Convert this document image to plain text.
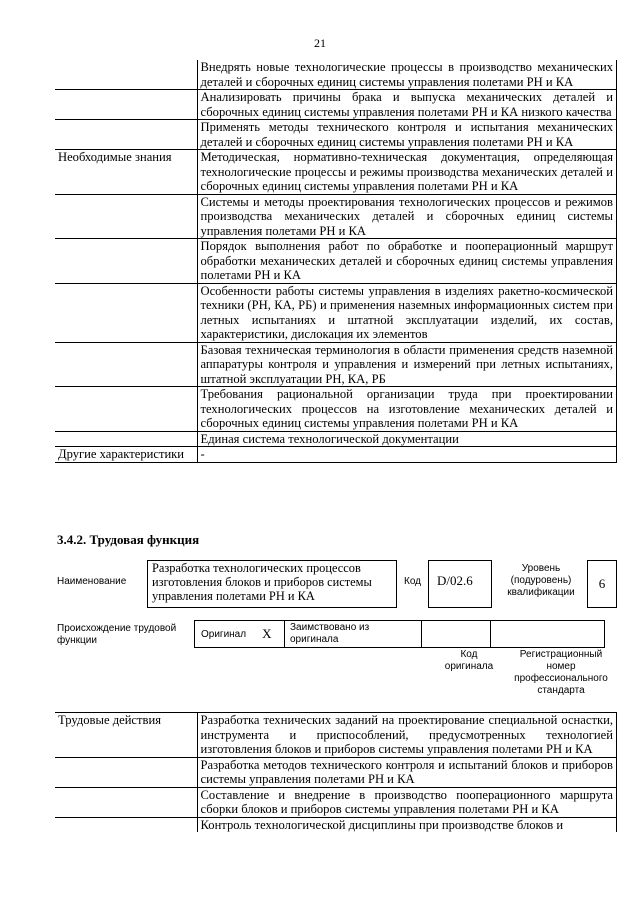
21
	Внедрять новые технологические процессы в производство механических деталей и сборочных единиц системы управления полетами РН и КА
	Анализировать причины брака и выпуска механических деталей и сборочных единиц системы управления полетами РН и КА низкого качества
	Применять методы технического контроля и испытания механических деталей и сборочных единиц системы управления полетами РН и КА
Необходимые знания	Методическая, нормативно-техническая документация, определяющая технологические процессы и режимы производства механических деталей и сборочных единиц системы управления полетами РН и КА
	Системы и методы проектирования технологических процессов и режимов производства механических деталей и сборочных единиц системы управления полетами РН и КА
	Порядок выполнения работ по обработке и пооперационный маршрут обработки механических деталей и сборочных единиц системы управления полетами РН и КА
	Особенности работы системы управления в изделиях ракетно-космической техники (РН, КА, РБ) и применения наземных информационных систем при летных испытаниях и штатной эксплуатации изделий, их состав, характеристики, дислокация их элементов
	Базовая техническая терминология в области применения средств наземной аппаратуры контроля и управления и измерений при летных испытаниях, штатной эксплуатации РН, КА, РБ
	Требования рациональной организации труда при проектировании технологических процессов на изготовление механических деталей и сборочных единиц системы управления полетами РН и КА
	Единая система технологической документации
Другие характеристики	-
3.4.2. Трудовая функция
Наименование
Разработка технологических процессов изготовления блоков и приборов системы управления полетами РН и КА
Код	D/02.6
Уровень (подуровень) квалификации
6
Происхождение трудовой функции
Оригинал X	Заимствовано из оригинала
Код оригинала
Регистрационный номер профессионального стандарта
Трудовые действия	Разработка технических заданий на проектирование специальной оснастки, инструмента и приспособлений, предусмотренных технологией изготовления блоков и приборов системы управления полетами РН и КА
	Разработка методов технического контроля и испытаний блоков и приборов системы управления полетами РН и КА
	Составление и внедрение в производство пооперационного маршрута сборки блоков и приборов системы управления полетами РН и КА
	Контроль технологической дисциплины при производстве блоков и
